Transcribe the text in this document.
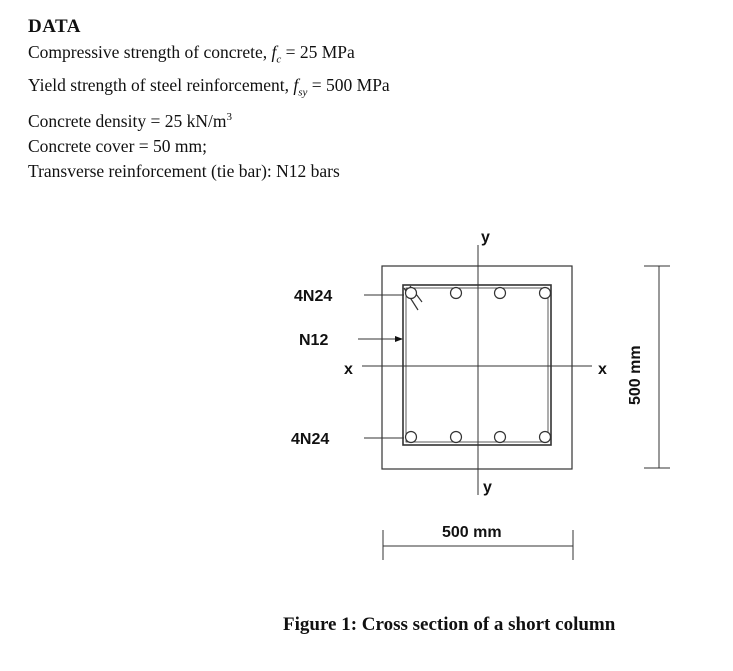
DATA
Compressive strength of concrete, $f_c = 25$ MPa
Yield strength of steel reinforcement, $f_{sy} = 500$ MPa
Concrete density = 25 $kN/m^3$
Concrete cover = 50 mm;
Transverse reinforcement (tie bar): N12 bars
4N24
N12
4N24
x	x
y
y
500 mm
500 mm
Figure 1: Cross section of a short column
